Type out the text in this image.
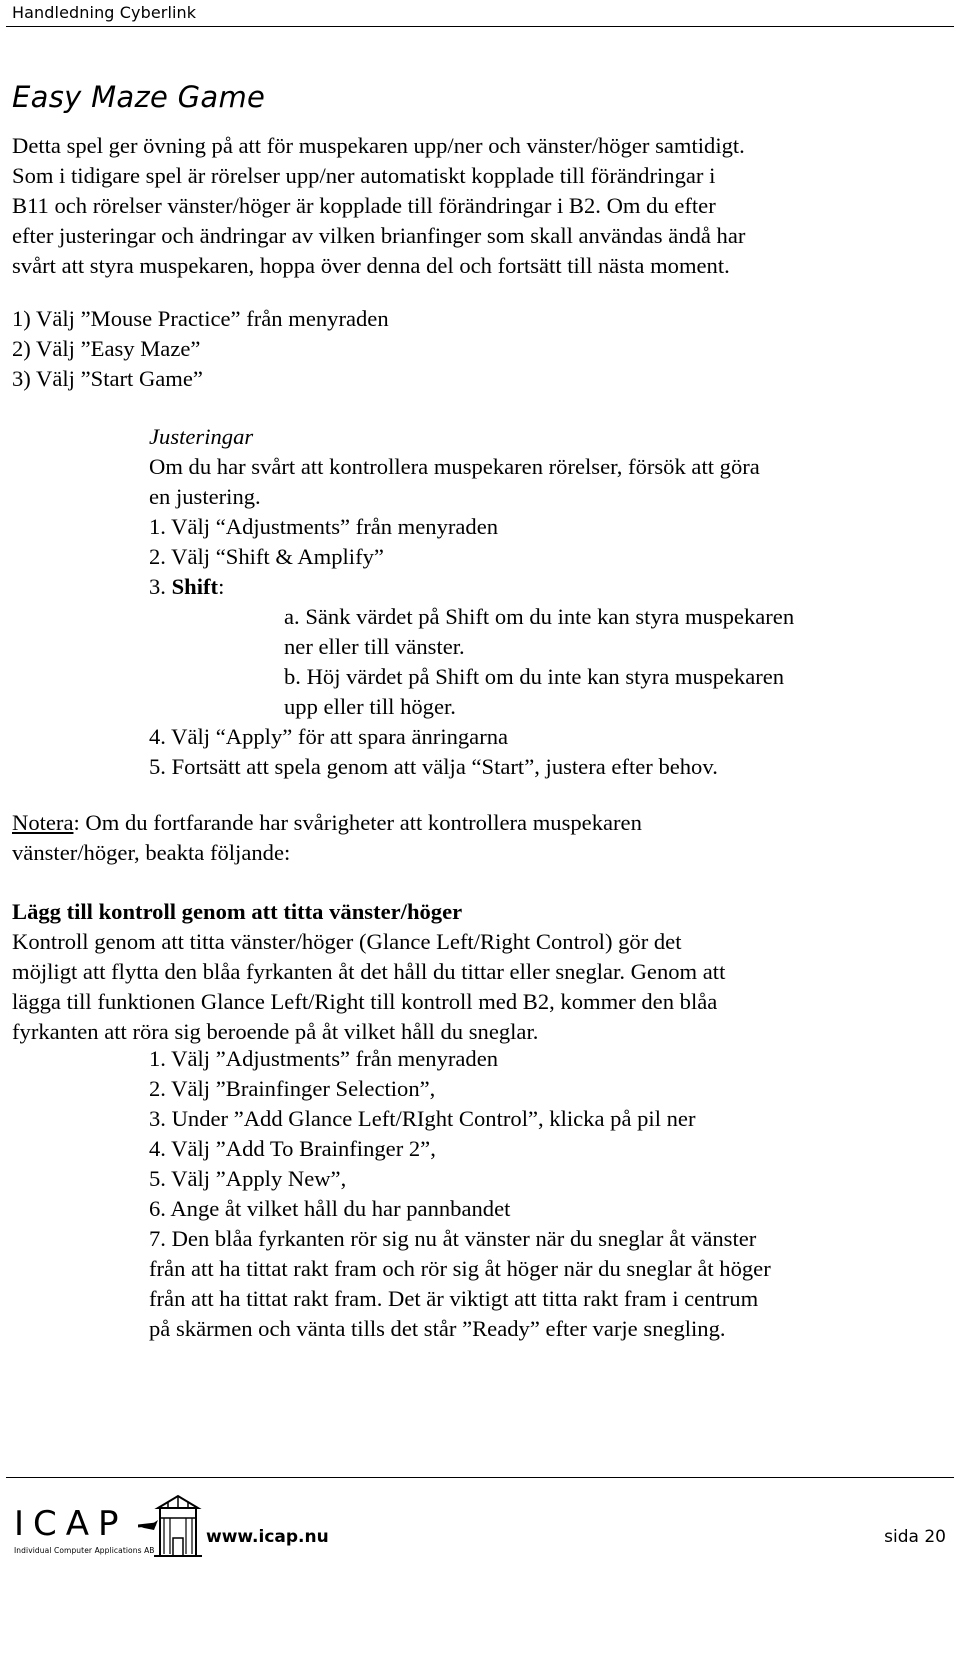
Handledning Cyberlink
Easy Maze Game
Detta spel ger övning på att för muspekaren upp/ner och vänster/höger samtidigt.
Som i tidigare spel är rörelser upp/ner automatiskt kopplade till förändringar i
B11 och rörelser vänster/höger är kopplade till förändringar i B2. Om du efter
efter justeringar och ändringar av vilken brianfinger som skall användas ändå har
svårt att styra muspekaren, hoppa över denna del och fortsätt till nästa moment.
1) Välj ”Mouse Practice” från menyraden
2) Välj ”Easy Maze”
3) Välj ”Start Game”
Justeringar
Om du har svårt att kontrollera muspekaren rörelser, försök att göra
en justering.
1. Välj “Adjustments” från menyraden
2. Välj “Shift & Amplify”
3. Shift:
a. Sänk värdet på Shift om du inte kan styra muspekaren
ner eller till vänster.
b. Höj värdet på Shift om du inte kan styra muspekaren
upp eller till höger.
4. Välj “Apply” för att spara änringarna
5. Fortsätt att spela genom att välja “Start”, justera efter behov.
Notera: Om du fortfarande har svårigheter att kontrollera muspekaren
vänster/höger, beakta följande:
Lägg till kontroll genom att titta vänster/höger
Kontroll genom att titta vänster/höger (Glance Left/Right Control) gör det
möjligt att flytta den blåa fyrkanten åt det håll du tittar eller sneglar. Genom att
lägga till funktionen Glance Left/Right till kontroll med B2, kommer den blåa
fyrkanten att röra sig beroende på åt vilket håll du sneglar.
1. Välj ”Adjustments” från menyraden
2. Välj ”Brainfinger Selection”,
3. Under ”Add Glance Left/RIght Control”, klicka på pil ner
4. Välj ”Add To Brainfinger 2”,
5. Välj ”Apply New”,
6. Ange åt vilket håll du har pannbandet
7. Den blåa fyrkanten rör sig nu åt vänster när du sneglar åt vänster
från att ha tittat rakt fram och rör sig åt höger när du sneglar åt höger
från att ha tittat rakt fram. Det är viktigt att titta rakt fram i centrum
på skärmen och vänta tills det står ”Ready” efter varje snegling.
ICAP
Individual Computer Applications AB
www.icap.nu	sida 20
